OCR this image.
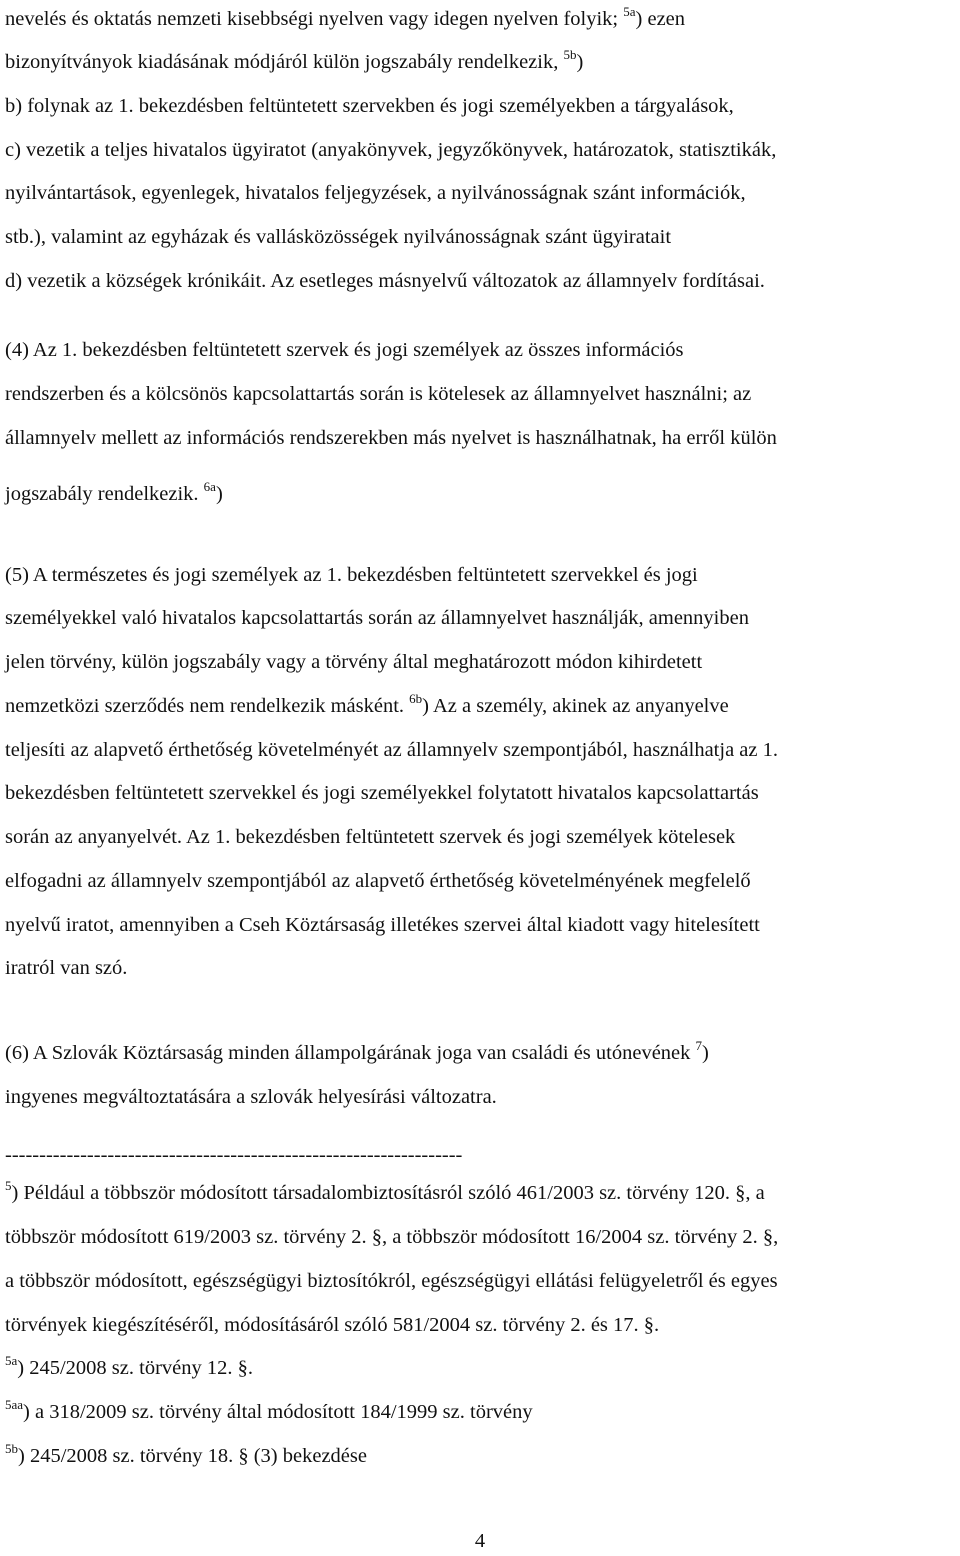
nevelés és oktatás nemzeti kisebbségi nyelven vagy idegen nyelven folyik; $^{5a}$) ezen
bizonyítványok kiadásának módjáról külön jogszabály rendelkezik, $^{5b}$)
b) folynak az 1. bekezdésben feltüntetett szervekben és jogi személyekben a tárgyalások,
c) vezetik a teljes hivatalos ügyiratot (anyakönyvek, jegyzőkönyvek, határozatok, statisztikák,
nyilvántartások, egyenlegek, hivatalos feljegyzések, a nyilvánosságnak szánt információk,
stb.), valamint az egyházak és vallásközösségek nyilvánosságnak szánt ügyiratait
d) vezetik a községek krónikáit. Az esetleges másnyelvű változatok az államnyelv fordításai.
(4) Az 1. bekezdésben feltüntetett szervek és jogi személyek az összes információs
rendszerben és a kölcsönös kapcsolattartás során is kötelesek az államnyelvet használni; az
államnyelv mellett az információs rendszerekben más nyelvet is használhatnak, ha erről külön
jogszabály rendelkezik. $^{6a}$)
(5) A természetes és jogi személyek az 1. bekezdésben feltüntetett szervekkel és jogi
személyekkel való hivatalos kapcsolattartás során az államnyelvet használják, amennyiben
jelen törvény, külön jogszabály vagy a törvény által meghatározott módon kihirdetett
nemzetközi szerződés nem rendelkezik másként. $^{6b}$) Az a személy, akinek az anyanyelve
teljesíti az alapvető érthetőség követelményét az államnyelv szempontjából, használhatja az 1.
bekezdésben feltüntetett szervekkel és jogi személyekkel folytatott hivatalos kapcsolattartás
során az anyanyelvét. Az 1. bekezdésben feltüntetett szervek és jogi személyek kötelesek
elfogadni az államnyelv szempontjából az alapvető érthetőség követelményének megfelelő
nyelvű iratot, amennyiben a Cseh Köztársaság illetékes szervei által kiadott vagy hitelesített
iratról van szó.
(6) A Szlovák Köztársaság minden állampolgárának joga van családi és utónevének $^7$)
ingyenes megváltoztatására a szlovák helyesírási változatra.
-------------------------------------------------------------------
$^5$) Például a többször módosított társadalombiztosításról szóló 461/2003 sz. törvény 120. §, a
többször módosított 619/2003 sz. törvény 2. §, a többször módosított 16/2004 sz. törvény 2. §,
a többször módosított, egészségügyi biztosítókról, egészségügyi ellátási felügyeletről és egyes
törvények kiegészítéséről, módosításáról szóló 581/2004 sz. törvény 2. és 17. §.
$^{5a}$) 245/2008 sz. törvény 12. §.
$^{5aa}$) a 318/2009 sz. törvény által módosított 184/1999 sz. törvény
$^{5b}$) 245/2008 sz. törvény 18. § (3) bekezdése
4
